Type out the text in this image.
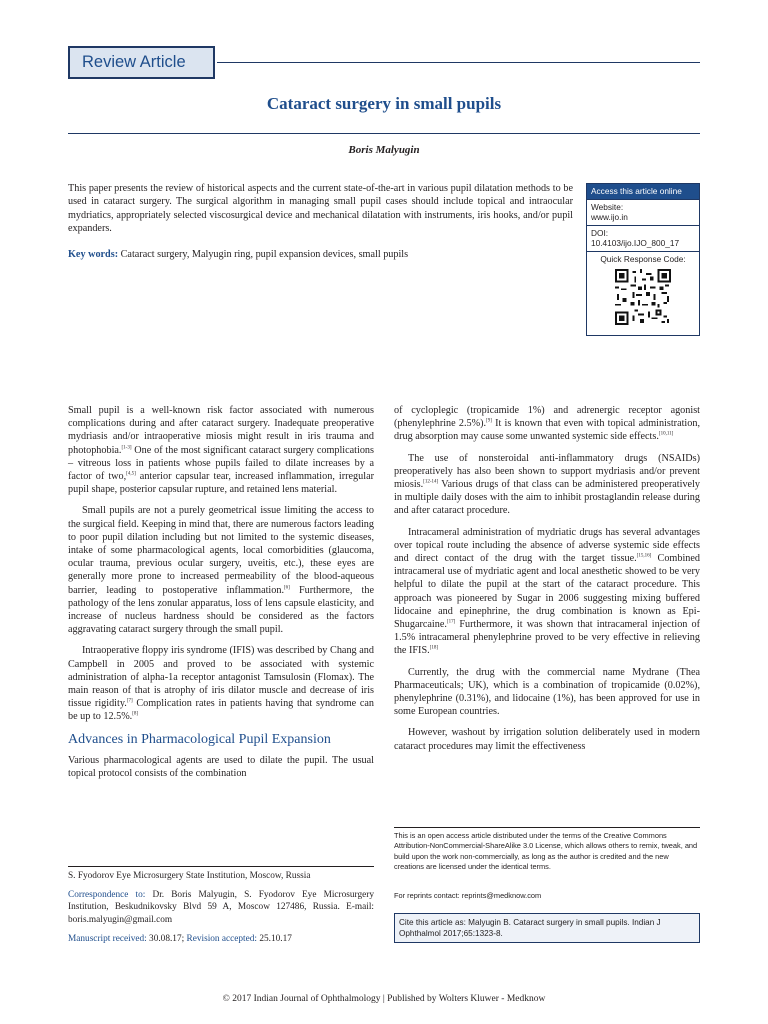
Review Article
Cataract surgery in small pupils
Boris Malyugin
This paper presents the review of historical aspects and the current state-of-the-art in various pupil dilatation methods to be used in cataract surgery. The surgical algorithm in managing small pupil cases should include topical and intraocular mydriatics, appropriately selected viscosurgical device and mechanical dilatation with instruments, iris hooks, and/or pupil expanders.
Key words: Cataract surgery, Malyugin ring, pupil expansion devices, small pupils
Access this article online
Website:
www.ijo.in
DOI:
10.4103/ijo.IJO_800_17
Quick Response Code:

Small pupil is a well-known risk factor associated with numerous complications during and after cataract surgery. Inadequate preoperative mydriasis and/or intraoperative miosis might result in iris trauma and photophobia.[1-3] One of the most significant cataract surgery complications – vitreous loss in patients whose pupils failed to dilate increases by a factor of two,[4,5] anterior capsular tear, increased inflammation, irregular pupil shape, posterior capsular rupture, and retained lens material.

Small pupils are not a purely geometrical issue limiting the access to the surgical field. Keeping in mind that, there are numerous factors leading to poor pupil dilation including but not limited to the systemic diseases, intake of some pharmacological agents, local comorbidities (glaucoma, ocular trauma, previous ocular surgery, uveitis, etc.), these eyes are generally more prone to increased permeability of the blood-aqueous barrier, leading to postoperative inflammation.[6] Furthermore, the pathology of the lens zonular apparatus, loss of lens capsule elasticity, and increase of nucleus hardness should be considered as the factors aggravating cataract surgery through the small pupil.

Intraoperative floppy iris syndrome (IFIS) was described by Chang and Campbell in 2005 and proved to be associated with systemic administration of alpha-1a receptor antagonist Tamsulosin (Flomax). The main reason of that is atrophy of iris dilator muscle and decrease of iris tissue rigidity.[7] Complication rates in patients having that syndrome can be up to 12.5%.[8]

Advances in Pharmacological Pupil Expansion

Various pharmacological agents are used to dilate the pupil. The usual topical protocol consists of the combination

of cycloplegic (tropicamide 1%) and adrenergic receptor agonist (phenylephrine 2.5%).[9] It is known that even with topical administration, drug absorption may cause some unwanted systemic side effects.[10,11]

The use of nonsteroidal anti-inflammatory drugs (NSAIDs) preoperatively has also been shown to support mydriasis and/or prevent miosis.[12-14] Various drugs of that class can be administered preoperatively in multiple daily doses with the aim to inhibit prostaglandin release during and after cataract procedure.

Intracameral administration of mydriatic drugs has several advantages over topical route including the absence of adverse systemic side effects and direct contact of the drug with the target tissue.[15,16] Combined intracameral use of mydriatic agent and local anesthetic showed to be very helpful to dilate the pupil at the start of the cataract procedure. This approach was pioneered by Sugar in 2006 suggesting mixing buffered lidocaine and epinephrine, the drug combination is known as Epi-Shugarcaine.[17] Furthermore, it was shown that intracameral injection of 1.5% intracameral phenylephrine proved to be very effective in relieving the IFIS.[18]

Currently, the drug with the commercial name Mydrane (Thea Pharmaceuticals; UK), which is a combination of tropicamide (0.02%), phenylephrine (0.31%), and lidocaine (1%), has been approved for use in some European countries.

However, washout by irrigation solution deliberately used in modern cataract procedures may limit the effectiveness

S. Fyodorov Eye Microsurgery State Institution, Moscow, Russia
Correspondence to: Dr. Boris Malyugin, S. Fyodorov Eye Microsurgery Institution, Beskudnikovsky Blvd 59 A, Moscow 127486, Russia. E-mail: boris.malyugin@gmail.com
Manuscript received: 30.08.17; Revision accepted: 25.10.17
This is an open access article distributed under the terms of the Creative Commons Attribution-NonCommercial-ShareAlike 3.0 License, which allows others to remix, tweak, and build upon the work non-commercially, as long as the author is credited and the new creations are licensed under the identical terms.
For reprints contact: reprints@medknow.com
Cite this article as: Malyugin B. Cataract surgery in small pupils. Indian J Ophthalmol 2017;65:1323-8.
© 2017 Indian Journal of Ophthalmology | Published by Wolters Kluwer - Medknow
